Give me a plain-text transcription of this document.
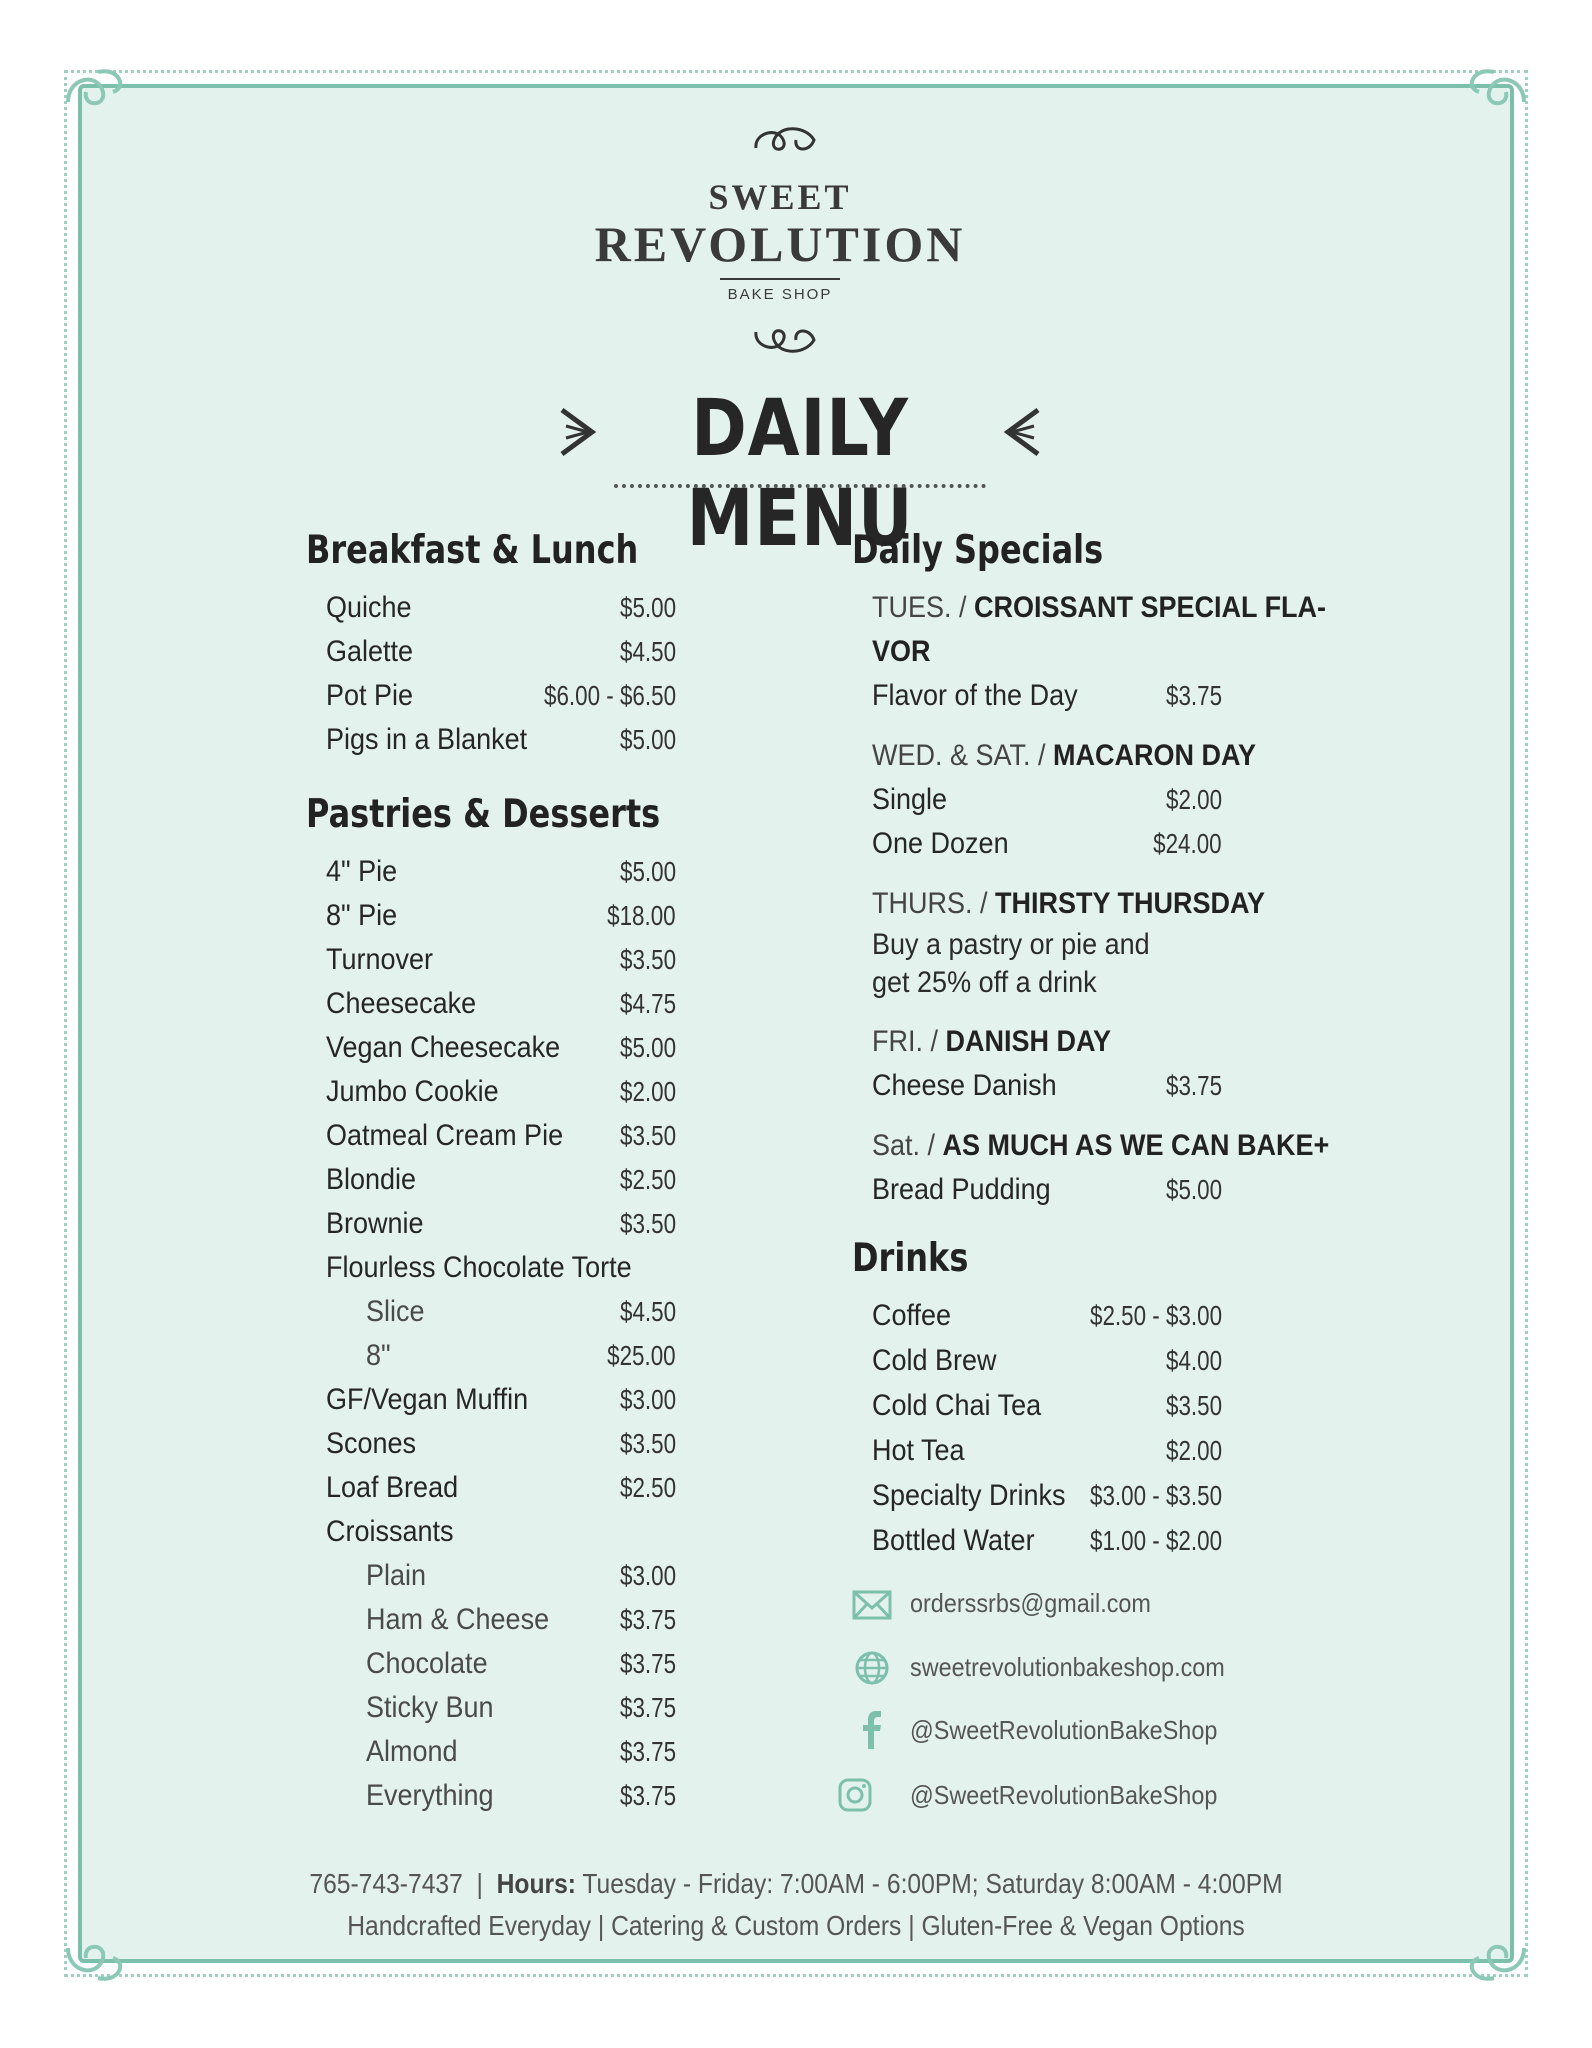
SWEET
REVOLUTION
BAKE SHOP
DAILY MENU
Breakfast & Lunch
Quiche	$5.00
Galette	$4.50
Pot Pie	$6.00 - $6.50
Pigs in a Blanket	$5.00
Pastries & Desserts
4" Pie	$5.00
8" Pie	$18.00
Turnover	$3.50
Cheesecake	$4.75
Vegan Cheesecake $5.00
Jumbo Cookie	$2.00
Oatmeal Cream Pie $3.50
Blondie	$2.50
Brownie	$3.50
Flourless Chocolate Torte
Slice	$4.50
8"	$25.00
GF/Vegan Muffin	$3.00
Scones	$3.50
Loaf Bread	$2.50
Croissants
Plain	$3.00
Ham & Cheese	$3.75
Chocolate	$3.75
Sticky Bun	$3.75
Almond	$3.75
Everything	$3.75
Daily Specials
TUES. / CROISSANT SPECIAL FLA-
VOR
Flavor of the Day	$3.75
WED. & SAT. / MACARON DAY
Single	$2.00
One Dozen	$24.00
THURS. / THIRSTY THURSDAY
Buy a pastry or pie and
get 25% off a drink
FRI. / DANISH DAY
Cheese Danish	$3.75
Sat. / AS MUCH AS WE CAN BAKE+
Bread Pudding	$5.00
Drinks
Coffee	$2.50 - $3.00
Cold Brew	$4.00
Cold Chai Tea	$3.50
Hot Tea	$2.00
Specialty Drinks $3.00 - $3.50
Bottled Water $1.00 - $2.00
orderssrbs@gmail.com
sweetrevolutionbakeshop.com
@SweetRevolutionBakeShop
@SweetRevolutionBakeShop
765-743-7437  |  Hours: Tuesday - Friday: 7:00AM - 6:00PM; Saturday 8:00AM - 4:00PM
Handcrafted Everyday | Catering & Custom Orders | Gluten-Free & Vegan Options
